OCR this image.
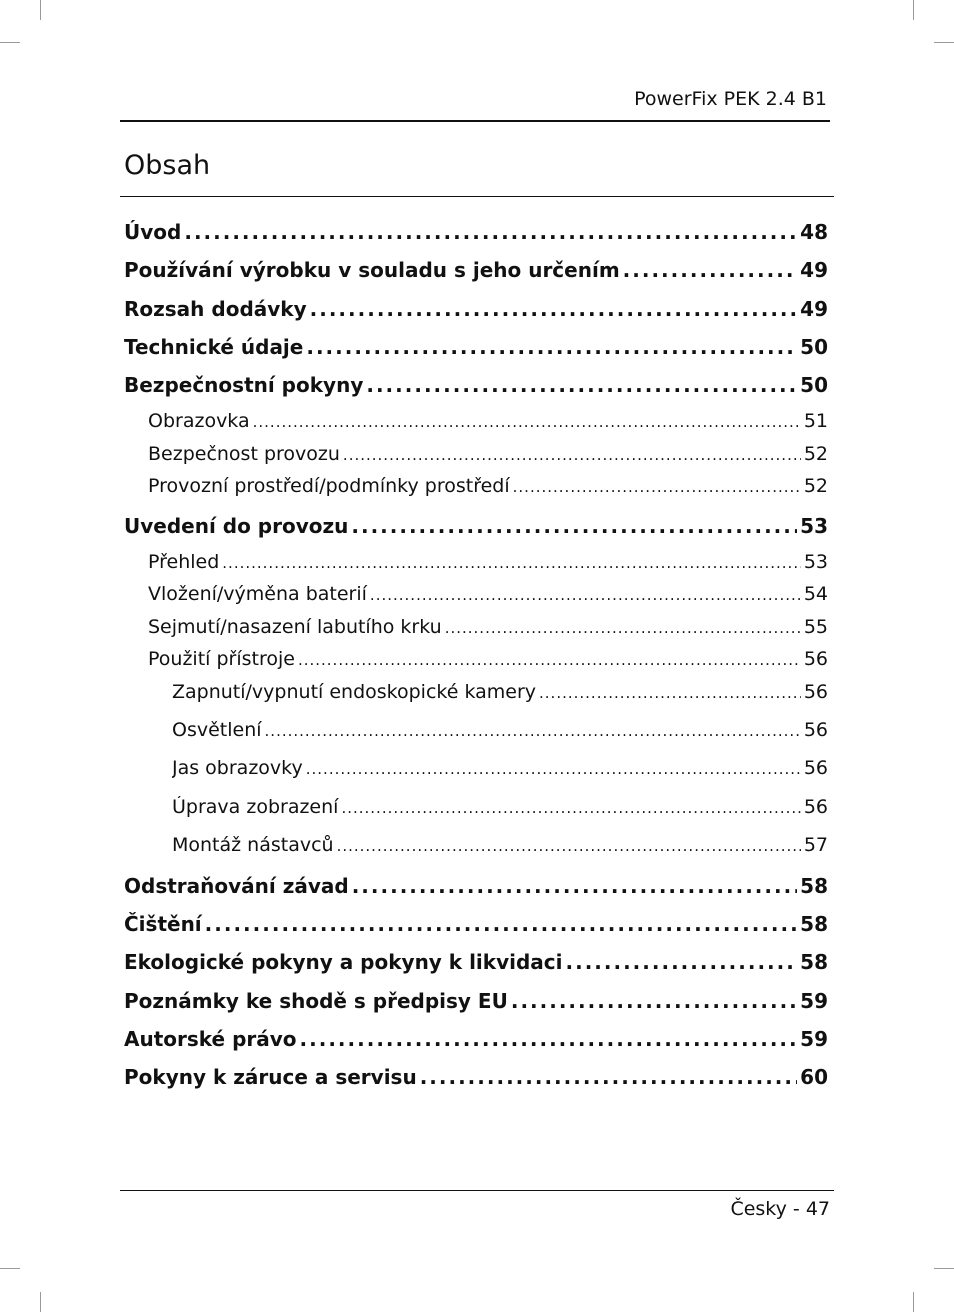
PowerFix PEK 2.4 B1
Obsah
Úvod .....	48
Používání výrobku v souladu s jeho určením .....	49
Rozsah dodávky .....	49
Technické údaje .....	50
Bezpečnostní pokyny .....	50
Obrazovka .....	51
Bezpečnost provozu .....	52
Provozní prostředí/podmínky prostředí .....	52
Uvedení do provozu .....	53
Přehled .....	53
Vložení/výměna baterií .....	54
Sejmutí/nasazení labutího krku .....	55
Použití přístroje .....	56
Zapnutí/vypnutí endoskopické kamery .....	56
Osvětlení .....	56
Jas obrazovky .....	56
Úprava zobrazení .....	56
Montáž nástavců .....	57
Odstraňování závad .....	58
Čištění .....	58
Ekologické pokyny a pokyny k likvidaci .....	58
Poznámky ke shodě s předpisy EU .....	59
Autorské právo .....	59
Pokyny k záruce a servisu .....	60
Česky - 47
